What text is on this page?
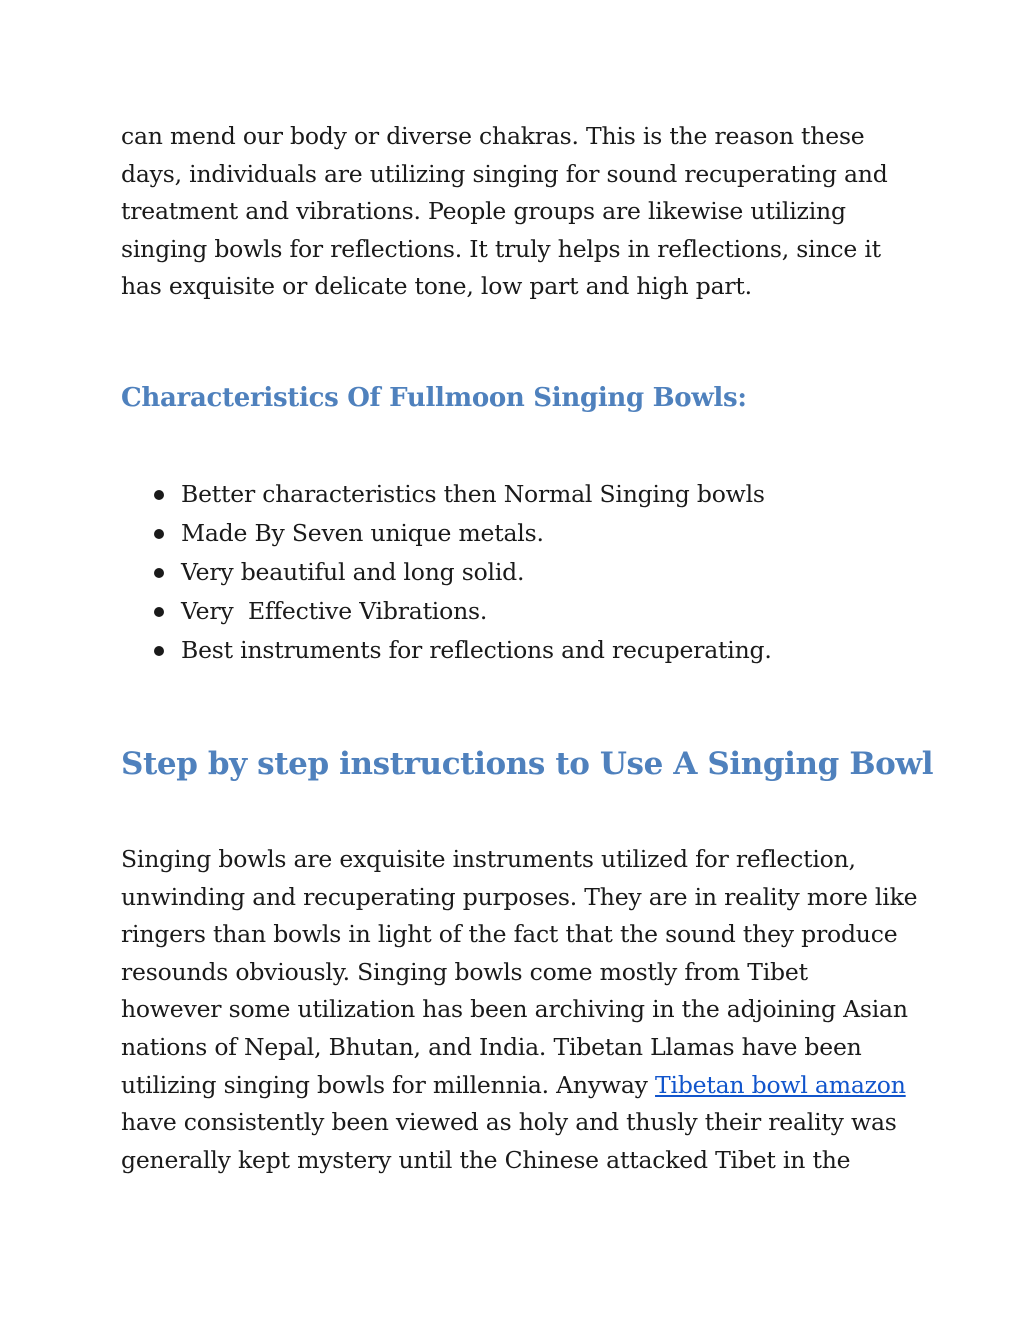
can mend our body or diverse chakras. This is the reason these
days, individuals are utilizing singing for sound recuperating and
treatment and vibrations. People groups are likewise utilizing
singing bowls for reflections. It truly helps in reflections, since it
has exquisite or delicate tone, low part and high part.

Characteristics Of Fullmoon Singing Bowls:
Better characteristics then Normal Singing bowls
Made By Seven unique metals.
Very beautiful and long solid.
Very  Effective Vibrations.
Best instruments for reflections and recuperating.
Step by step instructions to Use A Singing Bowl

Singing bowls are exquisite instruments utilized for reflection,
unwinding and recuperating purposes. They are in reality more like
ringers than bowls in light of the fact that the sound they produce
resounds obviously. Singing bowls come mostly from Tibet
however some utilization has been archiving in the adjoining Asian
nations of Nepal, Bhutan, and India. Tibetan Llamas have been
utilizing singing bowls for millennia. Anyway Tibetan bowl amazon
have consistently been viewed as holy and thusly their reality was
generally kept mystery until the Chinese attacked Tibet in the
